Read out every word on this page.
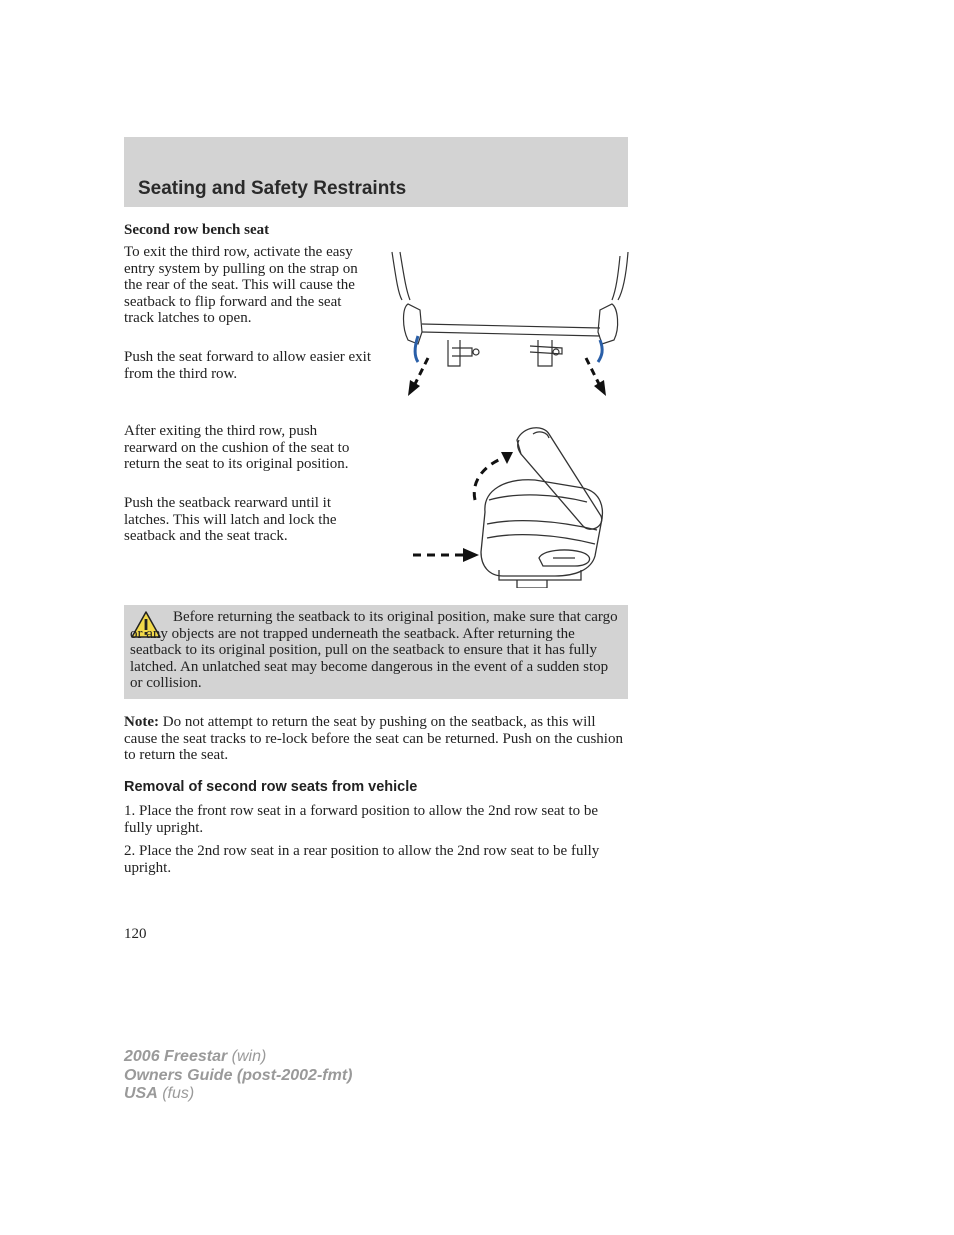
Seating and Safety Restraints
Second row bench seat
To exit the third row, activate the easy entry system by pulling on the strap on the rear of the seat. This will cause the seatback to flip forward and the seat track latches to open.
Push the seat forward to allow easier exit from the third row.
After exiting the third row, push rearward on the cushion of the seat to return the seat to its original position.
Push the seatback rearward until it latches. This will latch and lock the seatback and the seat track.
Before returning the seatback to its original position, make sure that cargo or any objects are not trapped underneath the seatback. After returning the seatback to its original position, pull on the seatback to ensure that it has fully latched. An unlatched seat may become dangerous in the event of a sudden stop or collision.
Note: Do not attempt to return the seat by pushing on the seatback, as this will cause the seat tracks to re-lock before the seat can be returned. Push on the cushion to return the seat.
Removal of second row seats from vehicle
1. Place the front row seat in a forward position to allow the 2nd row seat to be fully upright.
2. Place the 2nd row seat in a rear position to allow the 2nd row seat to be fully upright.
120
2006 Freestar (win)
Owners Guide (post-2002-fmt)
USA (fus)
